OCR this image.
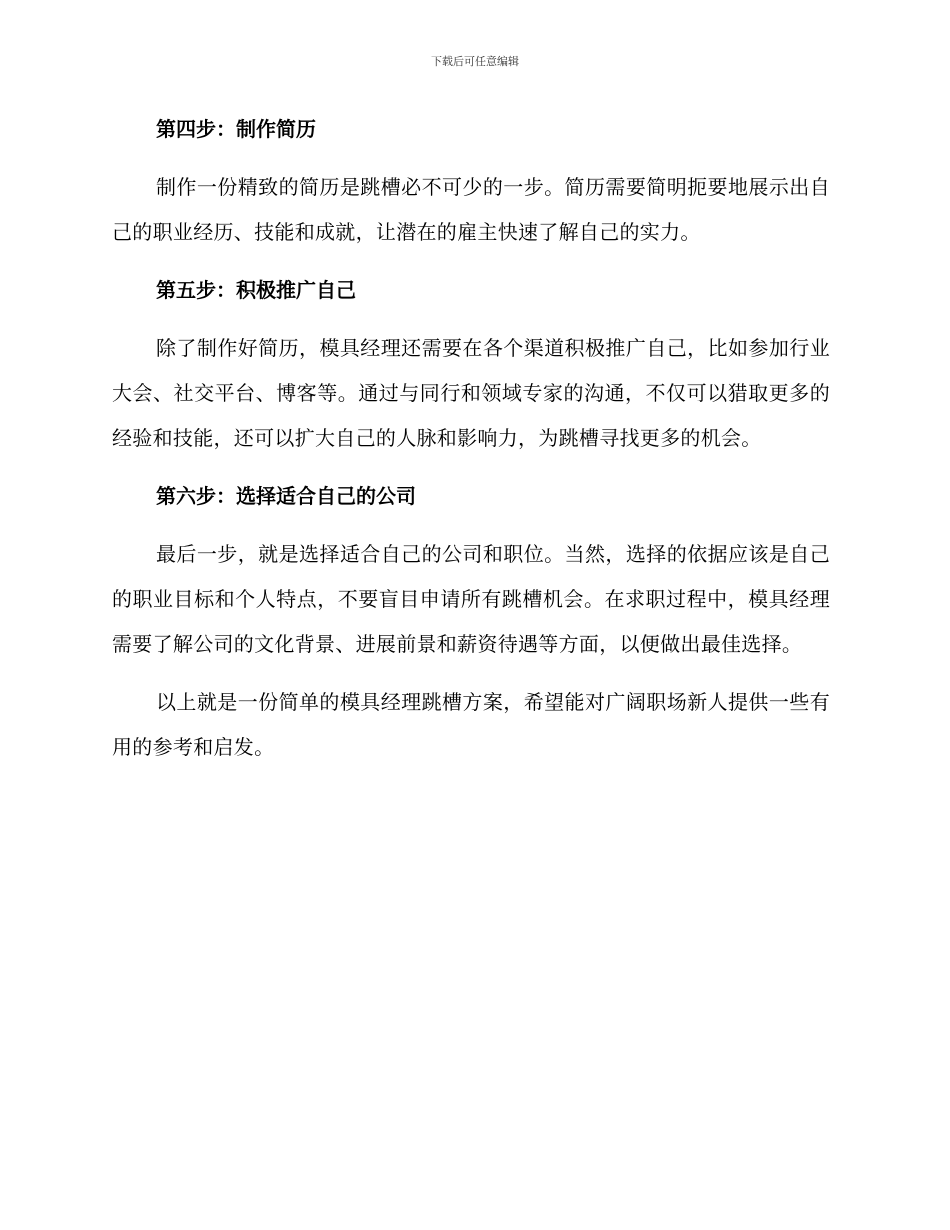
下载后可任意编辑
第四步：制作简历

制作一份精致的简历是跳槽必不可少的一步。简历需要简明扼要地展示出自己的职业经历、技能和成就，让潜在的雇主快速了解自己的实力。

第五步：积极推广自己

除了制作好简历，模具经理还需要在各个渠道积极推广自己，比如参加行业大会、社交平台、博客等。通过与同行和领域专家的沟通，不仅可以猎取更多的经验和技能，还可以扩大自己的人脉和影响力，为跳槽寻找更多的机会。

第六步：选择适合自己的公司

最后一步，就是选择适合自己的公司和职位。当然，选择的依据应该是自己的职业目标和个人特点，不要盲目申请所有跳槽机会。在求职过程中，模具经理需要了解公司的文化背景、进展前景和薪资待遇等方面，以便做出最佳选择。

以上就是一份简单的模具经理跳槽方案，希望能对广阔职场新人提供一些有用的参考和启发。
